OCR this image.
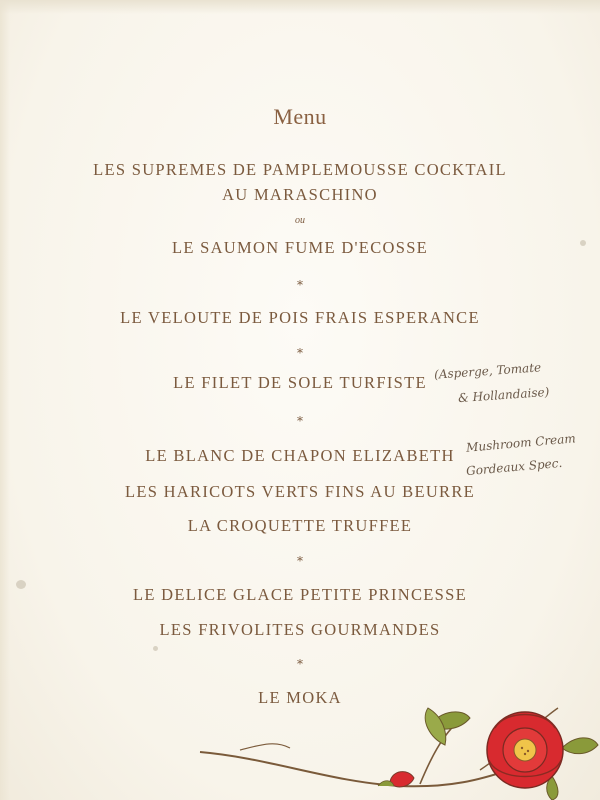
Menu
LES SUPREMES DE PAMPLEMOUSSE COCKTAIL
AU MARASCHINO
ou
LE SAUMON FUME D'ECOSSE
*
LE VELOUTE DE POIS FRAIS ESPERANCE
*
LE FILET DE SOLE TURFISTE
*
LE BLANC DE CHAPON ELIZABETH
LES HARICOTS VERTS FINS AU BEURRE
LA CROQUETTE TRUFFEE
*
LE DELICE GLACE PETITE PRINCESSE
LES FRIVOLITES GOURMANDES
*
LE MOKA
(Asperge, Tomate
& Hollandaise)
Mushroom Cream
Gordeaux Spec.
